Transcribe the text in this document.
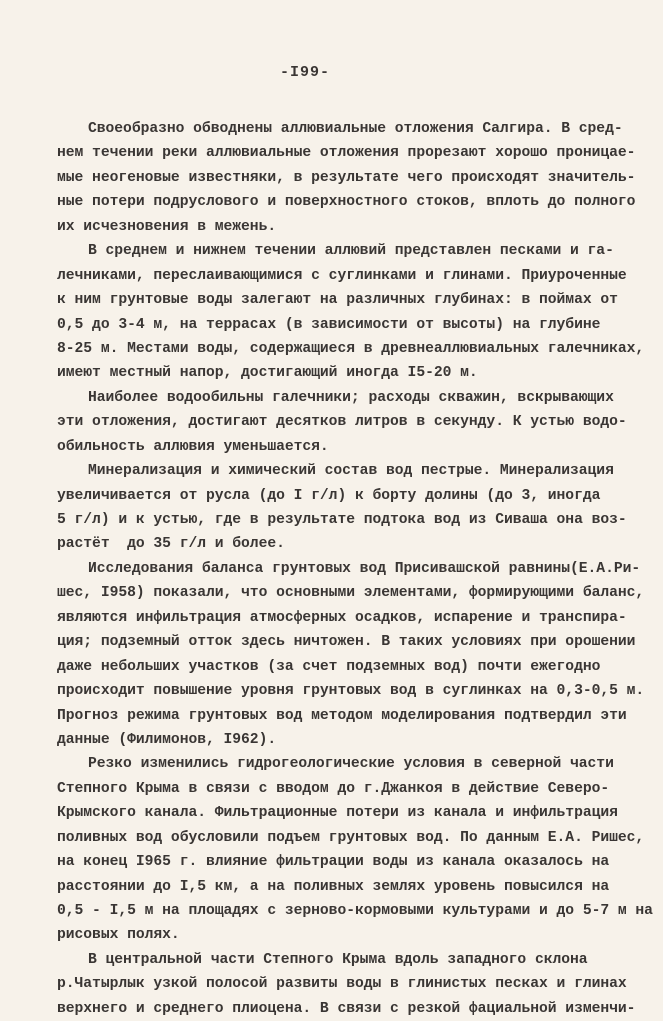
-I99-
Своеобразно обводнены аллювиальные отложения Салгира. В сред-
нем течении реки аллювиальные отложения прорезают хорошо проницае-
мые неогеновые известняки, в результате чего происходят значитель-
ные потери подруслового и поверхностного стоков, вплоть до полного
их исчезновения в межень.
В среднем и нижнем течении аллювий представлен песками и га-
лечниками, переслаивающимися с суглинками и глинами. Приуроченные
к ним грунтовые воды залегают на различных глубинах: в поймах от
0,5 до 3-4 м, на террасах (в зависимости от высоты) на глубине
8-25 м. Местами воды, содержащиеся в древнеаллювиальных галечниках,
имеют местный напор, достигающий иногда I5-20 м.
Наиболее водообильны галечники; расходы скважин, вскрывающих
эти отложения, достигают десятков литров в секунду. К устью водо-
обильность аллювия уменьшается.
Минерализация и химический состав вод пестрые. Минерализация
увеличивается от русла (до I г/л) к борту долины (до 3, иногда
5 г/л) и к устью, где в результате подтока вод из Сиваша она воз-
растёт  до 35 г/л и более.
Исследования баланса грунтовых вод Присивашской равнины(Е.А.Ри-
шес, I958) показали, что основными элементами, формирующими баланс,
являются инфильтрация атмосферных осадков, испарение и транспира-
ция; подземный отток здесь ничтожен. В таких условиях при орошении
даже небольших участков (за счет подземных вод) почти ежегодно
происходит повышение уровня грунтовых вод в суглинках на 0,3-0,5 м.
Прогноз режима грунтовых вод методом моделирования подтвердил эти
данные (Филимонов, I962).
Резко изменились гидрогеологические условия в северной части
Степного Крыма в связи с вводом до г.Джанкоя в действие Северо-
Крымского канала. Фильтрационные потери из канала и инфильтрация
поливных вод обусловили подъем грунтовых вод. По данным Е.А. Ришес,
на конец I965 г. влияние фильтрации воды из канала оказалось на
расстоянии до I,5 км, а на поливных землях уровень повысился на
0,5 - I,5 м на площадях с зерново-кормовыми культурами и до 5-7 м на
рисовых полях.
В центральной части Степного Крыма вдоль западного склона
р.Чатырлык узкой полосой развиты воды в глинистых песках и глинах
верхнего и среднего плиоцена. В связи с резкой фациальной изменчи-
